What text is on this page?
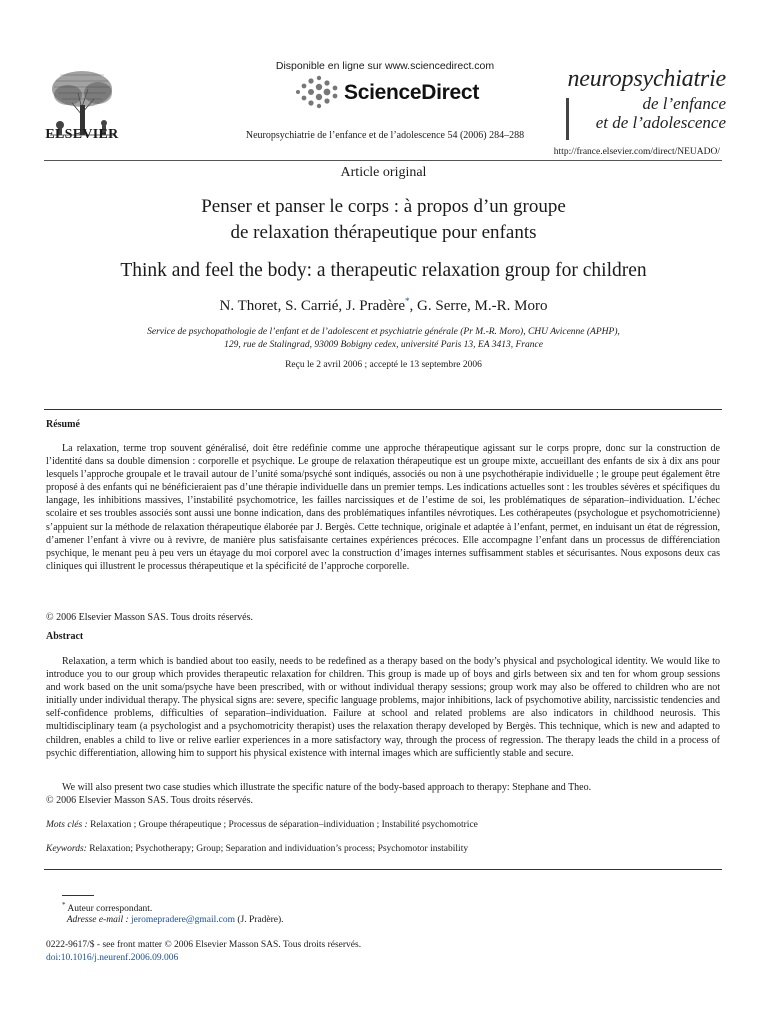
ELSEVIER
Disponible en ligne sur www.sciencedirect.com
ScienceDirect
Neuropsychiatrie de l’enfance et de l’adolescence 54 (2006) 284–288
neuropsychiatrie
de l’enfance
et de l’adolescence
http://france.elsevier.com/direct/NEUADO/
Article original
Penser et panser le corps : à propos d’un groupe
de relaxation thérapeutique pour enfants
Think and feel the body: a therapeutic relaxation group for children
N. Thoret, S. Carrié, J. Pradère*, G. Serre, M.-R. Moro
Service de psychopathologie de l’enfant et de l’adolescent et psychiatrie générale (Pr M.-R. Moro), CHU Avicenne (APHP),
129, rue de Stalingrad, 93009 Bobigny cedex, université Paris 13, EA 3413, France
Reçu le 2 avril 2006 ; accepté le 13 septembre 2006
Résumé
La relaxation, terme trop souvent généralisé, doit être redéfinie comme une approche thérapeutique agissant sur le corps propre, donc sur la construction de l’identité dans sa double dimension : corporelle et psychique. Le groupe de relaxation thérapeutique est un groupe mixte, accueillant des enfants de six à dix ans pour lesquels l’approche groupale et le travail autour de l’unité soma/psyché sont indiqués, associés ou non à une psychothérapie individuelle ; le groupe peut également être proposé à des enfants qui ne bénéficieraient pas d’une thérapie individuelle dans un premier temps. Les indications actuelles sont : les troubles sévères et spécifiques du langage, les inhibitions massives, l’instabilité psychomotrice, les failles narcissiques et de l’estime de soi, les problématiques de séparation–individuation. L’échec scolaire et ses troubles associés sont aussi une bonne indication, dans des problématiques infantiles névrotiques. Les cothérapeutes (psychologue et psychomotricienne) s’appuient sur la méthode de relaxation thérapeutique élaborée par J. Bergès. Cette technique, originale et adaptée à l’enfant, permet, en induisant un état de régression, d’amener l’enfant à vivre ou à revivre, de manière plus satisfaisante certaines expériences précoces. Elle accompagne l’enfant dans un processus de différenciation psychique, le menant peu à peu vers un étayage du moi corporel avec la construction d’images internes suffisamment stables et sécurisantes. Nous exposons deux cas cliniques qui illustrent le processus thérapeutique et la spécificité de l’approche corporelle.
© 2006 Elsevier Masson SAS. Tous droits réservés.
Abstract
Relaxation, a term which is bandied about too easily, needs to be redefined as a therapy based on the body’s physical and psychological identity. We would like to introduce you to our group which provides therapeutic relaxation for children. This group is made up of boys and girls between six and ten for whom group sessions and work based on the unit soma/psyche have been prescribed, with or without individual therapy sessions; group work may also be offered to children who are not initially under individual therapy. The physical signs are: severe, specific language problems, major inhibitions, lack of psychomotive ability, narcissistic tendencies and self-confidence problems, difficulties of separation–individuation. Failure at school and related problems are also indicators in childhood neurosis. This multidisciplinary team (a psychologist and a psychomotricity therapist) uses the relaxation therapy developed by Bergès. This technique, which is new and adapted to children, enables a child to live or relive earlier experiences in a more satisfactory way, through the process of regression. The therapy leads the child in a process of psychic differentiation, allowing him to support his physical existence with internal images which are sufficiently stable and secure.
We will also present two case studies which illustrate the specific nature of the body-based approach to therapy: Stephane and Theo.
© 2006 Elsevier Masson SAS. Tous droits réservés.
Mots clés : Relaxation ; Groupe thérapeutique ; Processus de séparation–individuation ; Instabilité psychomotrice
Keywords: Relaxation; Psychotherapy; Group; Separation and individuation’s process; Psychomotor instability
* Auteur correspondant.
Adresse e-mail : jeromepradere@gmail.com (J. Pradère).
0222-9617/$ - see front matter © 2006 Elsevier Masson SAS. Tous droits réservés.
doi:10.1016/j.neurenf.2006.09.006
